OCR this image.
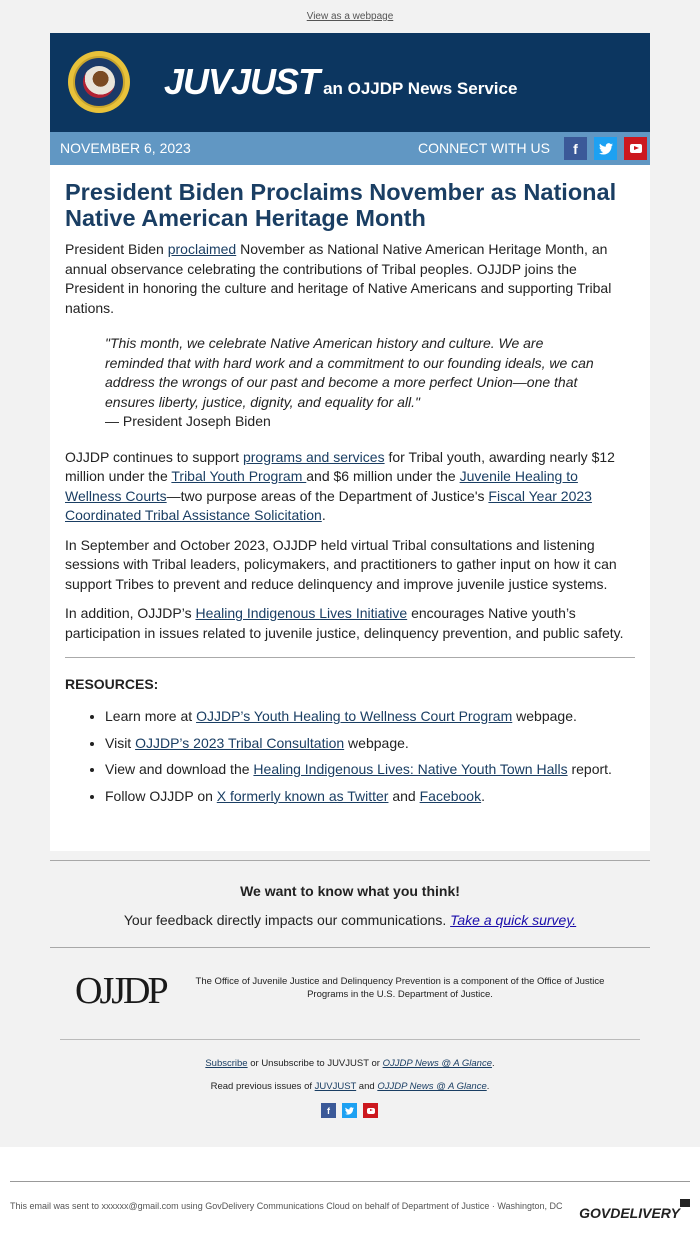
View as a webpage
JUVJUST an OJJDP News Service
NOVEMBER 6, 2023	CONNECT WITH US	f
President Biden Proclaims November as National Native American Heritage Month

President Biden proclaimed November as National Native American Heritage Month, an annual observance celebrating the contributions of Tribal peoples. OJJDP joins the President in honoring the culture and heritage of Native Americans and supporting Tribal nations.

"This month, we celebrate Native American history and culture. We are reminded that with hard work and a commitment to our founding ideals, we can address the wrongs of our past and become a more perfect Union—one that ensures liberty, justice, dignity, and equality for all."
— President Joseph Biden

OJJDP continues to support programs and services for Tribal youth, awarding nearly $12 million under the Tribal Youth Program and $6 million under the Juvenile Healing to Wellness Courts—two purpose areas of the Department of Justice's Fiscal Year 2023 Coordinated Tribal Assistance Solicitation.

In September and October 2023, OJJDP held virtual Tribal consultations and listening sessions with Tribal leaders, policymakers, and practitioners to gather input on how it can support Tribes to prevent and reduce delinquency and improve juvenile justice systems.

In addition, OJJDP’s Healing Indigenous Lives Initiative encourages Native youth’s participation in issues related to juvenile justice, delinquency prevention, and public safety.

RESOURCES:
• Learn more at OJJDP’s Youth Healing to Wellness Court Program webpage.
• Visit OJJDP’s 2023 Tribal Consultation webpage.
• View and download the Healing Indigenous Lives: Native Youth Town Halls report.
• Follow OJJDP on X formerly known as Twitter and Facebook.
We want to know what you think!
Your feedback directly impacts our communications. Take a quick survey.
OJJDP	The Office of Juvenile Justice and Delinquency Prevention is a component of the Office of Justice Programs in the U.S. Department of Justice.
Subscribe or Unsubscribe to JUVJUST or OJJDP News @ A Glance.
Read previous issues of JUVJUST and OJJDP News @ A Glance.
f
This email was sent to xxxxxx@gmail.com using GovDelivery Communications Cloud on behalf of Department of Justice · Washington, DC	GOVDELIVERY
